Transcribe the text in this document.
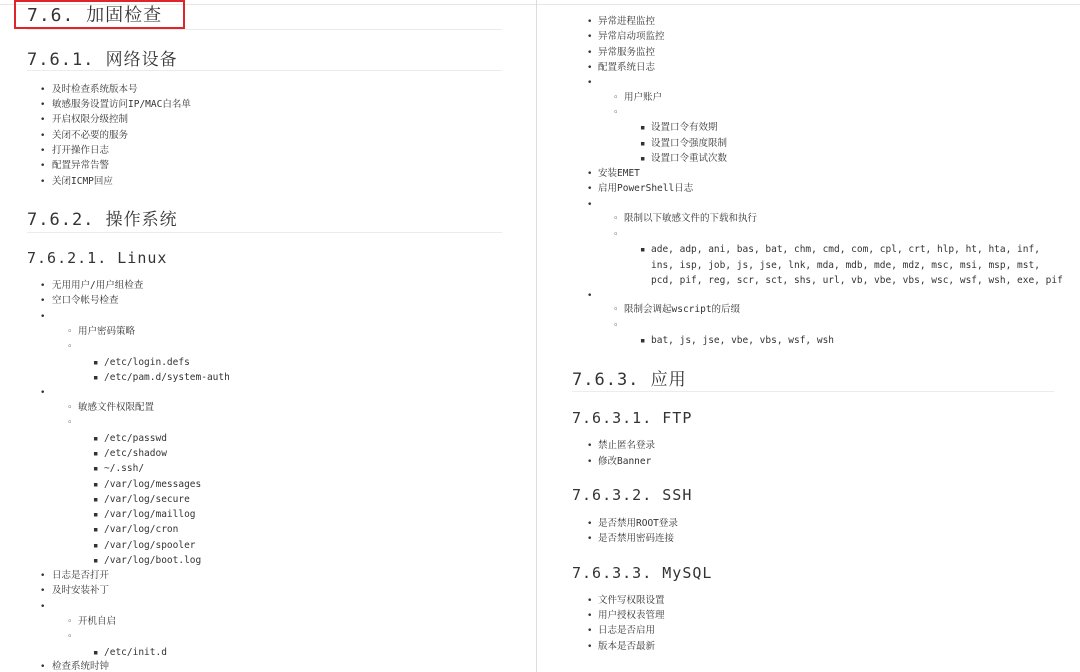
7.6. 加固检查
7.6.1. 网络设备
• 及时检查系统版本号
• 敏感服务设置访问IP/MAC白名单
• 开启权限分级控制
• 关闭不必要的服务
• 打开操作日志
• 配置异常告警
• 关闭ICMP回应
7.6.2. 操作系统
7.6.2.1. Linux
• 无用用户/用户组检查
• 空口令帐号检查
•
◦ 用户密码策略
◦
▪ /etc/login.defs
▪ /etc/pam.d/system-auth
•
◦ 敏感文件权限配置
◦
▪ /etc/passwd
▪ /etc/shadow
▪ ~/.ssh/
▪ /var/log/messages
▪ /var/log/secure
▪ /var/log/maillog
▪ /var/log/cron
▪ /var/log/spooler
▪ /var/log/boot.log
• 日志是否打开
• 及时安装补丁
•
◦ 开机自启
◦
▪ /etc/init.d
• 检查系统时钟
• 异常进程监控
• 异常启动项监控
• 异常服务监控
• 配置系统日志
•
◦ 用户账户
◦
▪ 设置口令有效期
▪ 设置口令强度限制
▪ 设置口令重试次数
• 安装EMET
• 启用PowerShell日志
•
◦ 限制以下敏感文件的下载和执行
◦
▪ ade, adp, ani, bas, bat, chm, cmd, com, cpl, crt, hlp, ht, hta, inf,
ins, isp, job, js, jse, lnk, mda, mdb, mde, mdz, msc, msi, msp, mst,
pcd, pif, reg, scr, sct, shs, url, vb, vbe, vbs, wsc, wsf, wsh, exe, pif
•
◦ 限制会调起wscript的后缀
◦
▪ bat, js, jse, vbe, vbs, wsf, wsh
7.6.3. 应用
7.6.3.1. FTP
• 禁止匿名登录
• 修改Banner
7.6.3.2. SSH
• 是否禁用ROOT登录
• 是否禁用密码连接
7.6.3.3. MySQL
• 文件写权限设置
• 用户授权表管理
• 日志是否启用
• 版本是否最新
